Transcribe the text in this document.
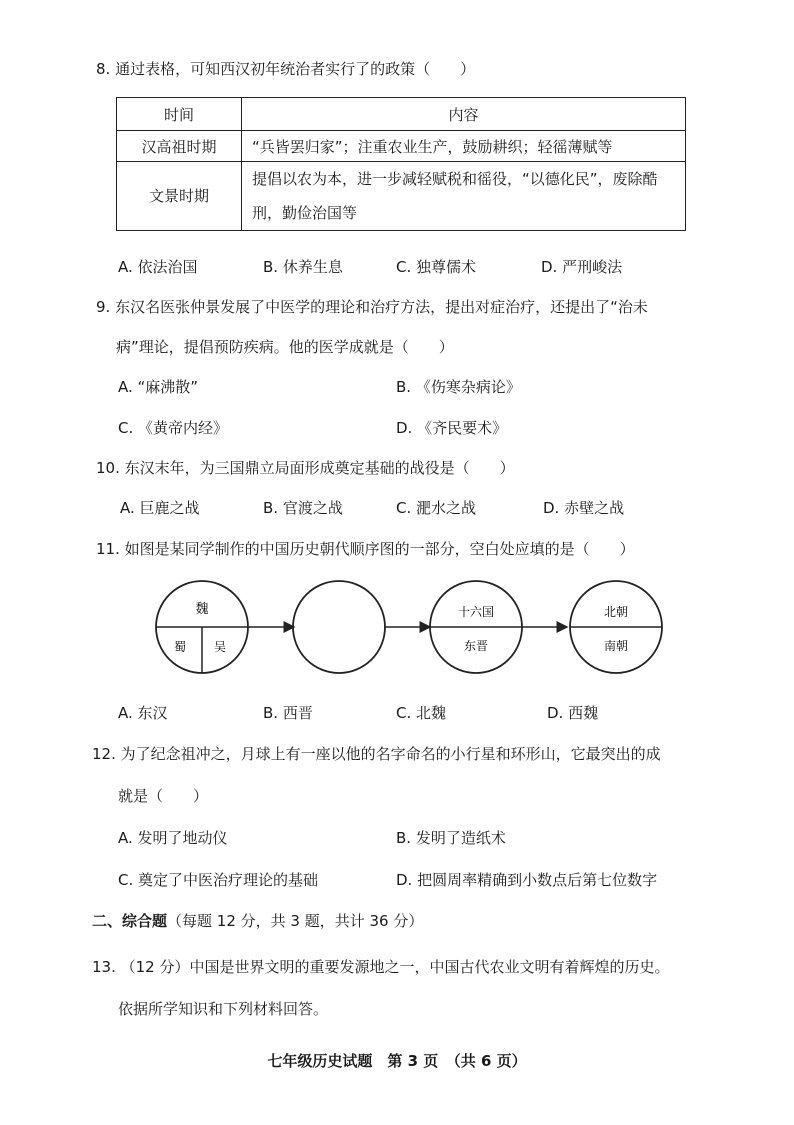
8. 通过表格，可知西汉初年统治者实行了的政策（　　）
时间	内容
汉高祖时期	“兵皆罢归家”；注重农业生产，鼓励耕织；轻徭薄赋等
文景时期	提倡以农为本，进一步减轻赋税和徭役，“以德化民”，废除酷
刑，勤俭治国等
A. 依法治国	B. 休养生息	C. 独尊儒术	D. 严刑峻法
9. 东汉名医张仲景发展了中医学的理论和治疗方法，提出对症治疗，还提出了“治未
病”理论，提倡预防疾病。他的医学成就是（　　）
A. “麻沸散”	B. 《伤寒杂病论》
C. 《黄帝内经》	D. 《齐民要术》
10. 东汉末年，为三国鼎立局面形成奠定基础的战役是（　　）
A. 巨鹿之战	B. 官渡之战	C. 淝水之战	D. 赤壁之战
11. 如图是某同学制作的中国历史朝代顺序图的一部分，空白处应填的是（　　）
魏
蜀 吴
十六国
东晋
北朝
南朝
A. 东汉	B. 西晋	C. 北魏	D. 西魏
12. 为了纪念祖冲之，月球上有一座以他的名字命名的小行星和环形山，它最突出的成
就是（　　）
A. 发明了地动仪	B. 发明了造纸术
C. 奠定了中医治疗理论的基础	D. 把圆周率精确到小数点后第七位数字
二、综合题（每题 12 分，共 3 题，共计 36 分）
13. （12 分）中国是世界文明的重要发源地之一，中国古代农业文明有着辉煌的历史。
依据所学知识和下列材料回答。
七年级历史试题　第 3 页　（共 6 页）
